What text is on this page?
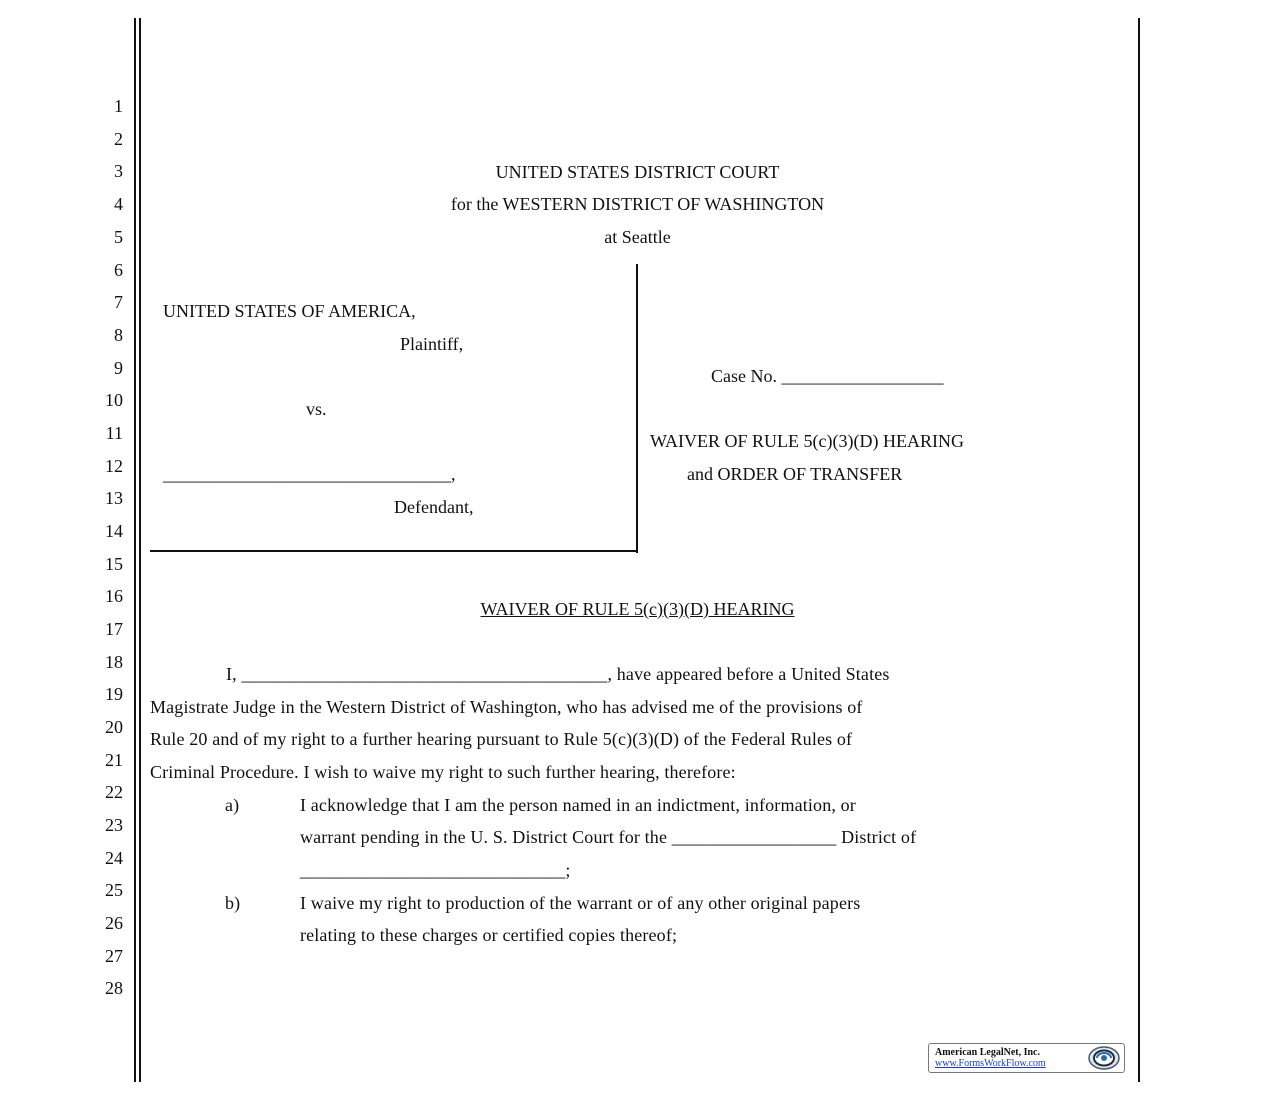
1
2
3
4
5
6
7
8
9
10
11
12
13
14
15
16
17
18
19
20
21
22
23
24
25
26
27
28
UNITED STATES DISTRICT COURT
for the WESTERN DISTRICT OF WASHINGTON
at Seattle
UNITED STATES OF AMERICA,
Plaintiff,
vs.
________________________________,
Defendant,
Case No. __________________
WAIVER OF RULE 5(c)(3)(D) HEARING
and ORDER OF TRANSFER
WAIVER OF RULE 5(c)(3)(D) HEARING
I, ________________________________________, have appeared before a United States
Magistrate Judge in the Western District of Washington, who has advised me of the provisions of
Rule 20 and of my right to a further hearing pursuant to Rule 5(c)(3)(D) of the Federal Rules of
Criminal Procedure. I wish to waive my right to such further hearing, therefore:
a)	I acknowledge that I am the person named in an indictment, information, or
warrant pending in the U. S. District Court for the __________________ District of
_____________________________;
b)	I waive my right to production of the warrant or of any other original papers
relating to these charges or certified copies thereof;
American LegalNet, Inc.
www.FormsWorkFlow.com
